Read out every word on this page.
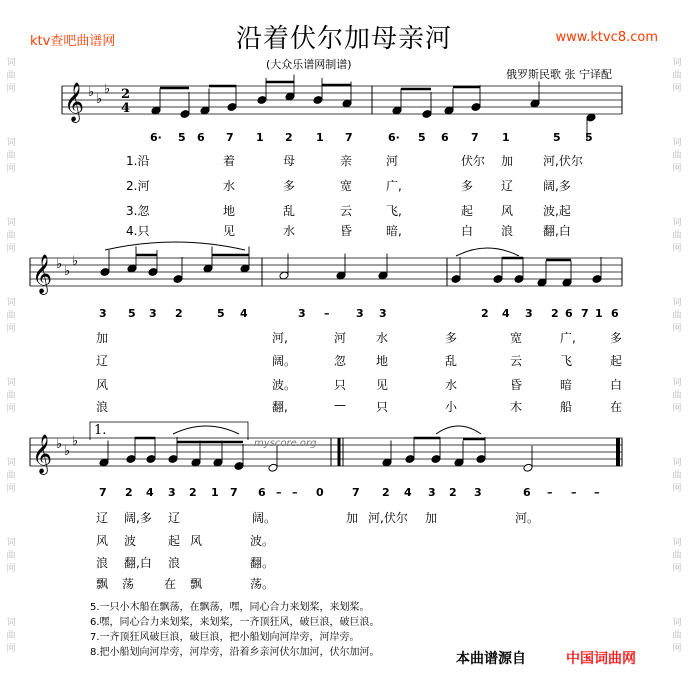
词
曲
网
词
曲
网
词
曲
网
词
曲
网
词
曲
网
词
曲
网
词
曲
网
词
曲
网
词
曲
网
词
曲
网
词
曲
网
词
曲
网
词
曲
网
词
曲
网
词
曲
网
词
曲
网
ktv查吧曲谱网	www.ktvc8.com
沿着伏尔加母亲河
(大众乐谱网制谱)
俄罗斯民歌 张 宁译配
𝄞 ♭ ♭
♭
𝄞 ♭ ♭
♭
𝄞 ♭ ♭
♭
2
4
1.
myscore.org
6· 5 6 7 1 2 1 7	6· 5 6 7 1	5 5
3 5 3 2	5 4	3 – 3 3	2 4 3 2 6 7 1 6
7 2 4 3 2 1 7 6 – – 0	7 2 4 3 2 3	6 – – –
1.沿	着	母	亲	河	伏尔 加 河,伏尔
2.河	水	多	宽	广,	多 辽 阔,多
3.忽	地	乱	云	飞,	起 风 波,起
4.只	见	水	昏	暗,	白 浪 翻,白
加	河,	河 水	多	宽	广,	多
辽	阔。	忽 地	乱	云	飞	起
风	波。	只 见	水	昏	暗	白
浪	翻,	—	只	小	木	船	在
辽 阔,多 辽	阔。	加 河,伏尔 加	河。
风 波	起 风	波。
浪 翻,白 浪	翻。
飘 荡 在 飘	荡。
5.一只小木船在飘荡，在飘荡，嘿，同心合力来划桨，来划桨。
6.嘿，同心合力来划桨，来划桨，一齐顶狂风，破巨浪，破巨浪。
7.一齐顶狂风破巨浪，破巨浪，把小船划向河岸旁，河岸旁。
8.把小船划向河岸旁，河岸旁，沿着乡亲河伏尔加河，伏尔加河。	本曲谱源自	中国词曲网
